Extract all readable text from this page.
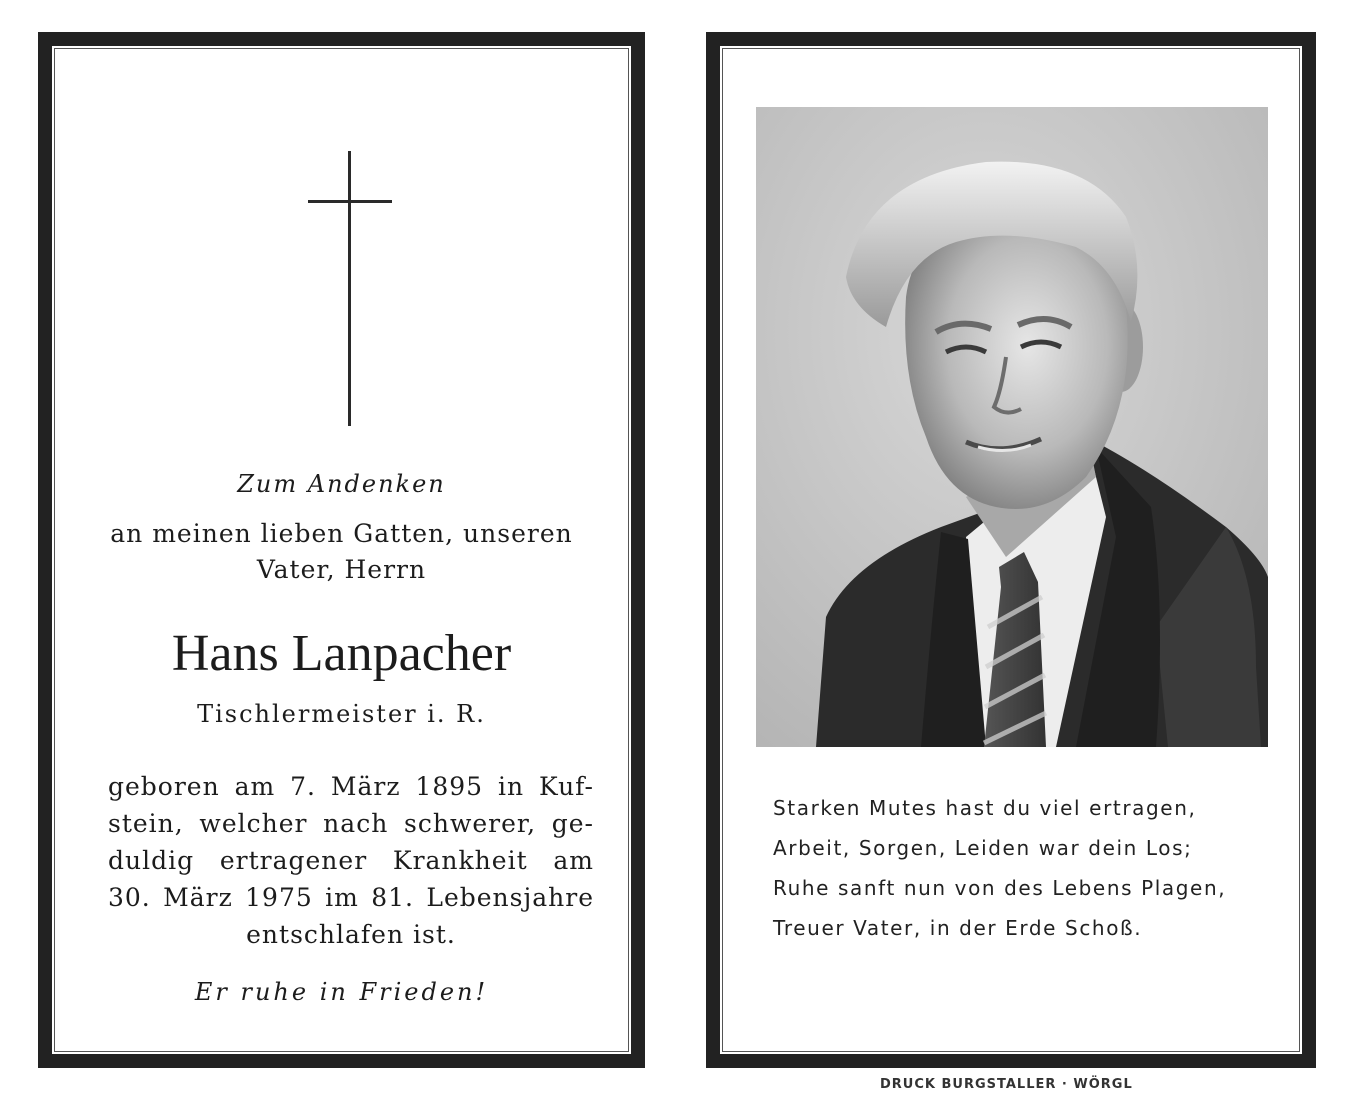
Zum Andenken
an meinen lieben Gatten, unseren
Vater, Herrn
Hans Lanpacher
Tischlermeister i. R.
geboren am 7. März 1895 in Kuf-
stein, welcher nach schwerer, ge-
duldig ertragener Krankheit am
30. März 1975 im 81. Lebensjahre
entschlafen ist.
Er ruhe in Frieden!
Starken Mutes hast du viel ertragen,
Arbeit, Sorgen, Leiden war dein Los;
Ruhe sanft nun von des Lebens Plagen,
Treuer Vater, in der Erde Schoß.
DRUCK BURGSTALLER · WÖRGL
